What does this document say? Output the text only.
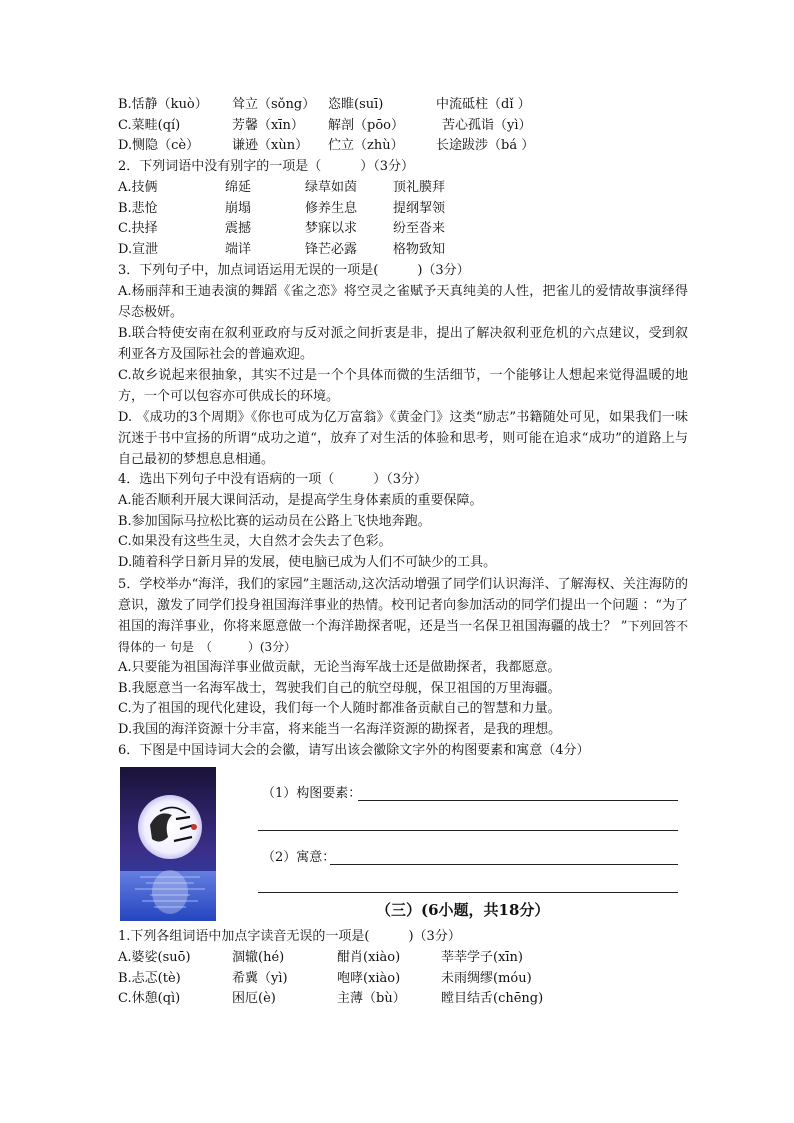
B.恬静（kuò）	耸立（sǒng） 恣睢(suī)	中流砥柱（dǐ ）
C.菜畦(qí)	芳馨（xīn）	解剖（pōo）	苦心孤诣（yì）
D.恻隐（cè）	谦逊（xùn）	伫立（zhù）	长途跋涉（bá ）
2．下列词语中没有别字的一项是（　　　）（3分）
A.技俩	绵延	绿草如茵	顶礼膜拜
B.悲怆	崩塌	修养生息	提纲挈领
C.抉择	震撼	梦寐以求	纷至沓来
D.宣泄	端详	锋芒必露	格物致知
3．下列句子中，加点词语运用无误的一项是(　　　)（3分）
A.杨丽萍和王迪表演的舞蹈《雀之恋》将空灵之雀赋予天真纯美的人性，把雀儿的爱情故事演绎得尽态极妍。
B.联合特使安南在叙利亚政府与反对派之间折衷是非，提出了解决叙利亚危机的六点建议，受到叙利亚各方及国际社会的普遍欢迎。
C.故乡说起来很抽象，其实不过是一个个具体而微的生活细节，一个能够让人想起来觉得温暖的地方，一个可以包容亦可供成长的环境。
D. 《成功的3个周期》《你也可成为亿万富翁》《黄金门》这类“励志”书籍随处可见，如果我们一味沉迷于书中宣扬的所谓“成功之道“，放弃了对生活的体验和思考，则可能在追求“成功”的道路上与自己最初的梦想息息相通。
4．选出下列句子中没有语病的一项（　　　）（3分）
A.能否顺利开展大课间活动，是提高学生身体素质的重要保障。
B.参加国际马拉松比赛的运动员在公路上飞快地奔跑。
C.如果没有这些生灵，大自然才会失去了色彩。
D.随着科学日新月异的发展，使电脑已成为人们不可缺少的工具。
5．学校举办“海洋，我们的家园”主题活动,这次活动增强了同学们认识海洋、了解海权、关注海防的意识，激发了同学们投身祖国海洋事业的热情。校刊记者向参加活动的同学们提出一个问题 ：“为了祖国的海洋事业，你将来愿意做一个海洋勘探者呢，还是当一名保卫祖国海疆的战士？ ”下列回答不得体的一 句是　（　　　）(3分）
A.只要能为祖国海洋事业做贡献，无论当海军战士还是做勘探者，我都愿意。
B.我愿意当一名海军战士，驾驶我们自己的航空母舰，保卫祖国的万里海疆。
C.为了祖国的现代化建设，我们每一个人随时都准备贡献自己的智慧和力量。
D.我国的海洋资源十分丰富，将来能当一名海洋资源的勘探者，是我的理想。
6．下图是中国诗词大会的会徽，请写出该会徽除文字外的构图要素和寓意（4分）
（1）构图要素：
（2）寓意：
（三）(6小题，共18分）
1.下列各组词语中加点字读音无误的一项是(　　　)（3分）
A.婆娑(suō)	涸辙(hé)	酣肖(xiào)	莘莘学子(xīn)
B.忐忑(tè)	希冀（yì)	咆哮(xiào)	未雨绸缪(móu)
C.休憩(qì)	困厄(è)	主薄（bù）	瞠目结舌(chēng)
